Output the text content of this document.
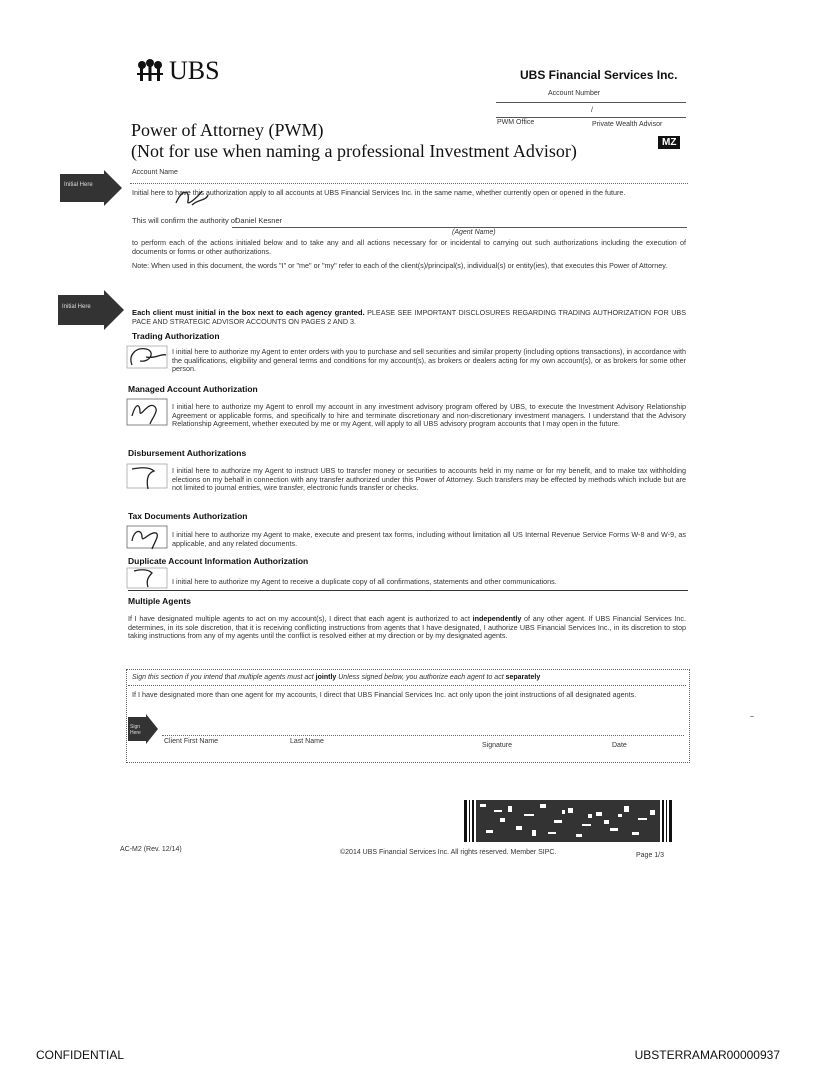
UBS	UBS Financial Services Inc.
Account Number
/
PWM Office	Private Wealth Advisor
MZ
Power of Attorney (PWM)
(Not for use when naming a professional Investment Advisor)
Account Name
Initial Here
Initial here to have this authorization apply to all accounts at UBS Financial Services Inc. in the same name, whether currently open or opened in the future.
This will confirm the authority of
Daniel Kesner
(Agent Name)
to perform each of the actions initialed below and to take any and all actions necessary for or incidental to carrying out such authorizations including the execution of documents or forms or other authorizations.
Note: When used in this document, the words "I" or "me" or "my" refer to each of the client(s)/principal(s), individual(s) or entity(ies), that executes this Power of Attorney.
Initial Here
Each client must initial in the box next to each agency granted. PLEASE SEE IMPORTANT DISCLOSURES REGARDING TRADING AUTHORIZATION FOR UBS PACE AND STRATEGIC ADVISOR ACCOUNTS ON PAGES 2 AND 3.
Trading Authorization
I initial here to authorize my Agent to enter orders with you to purchase and sell securities and similar property (including options transactions), in accordance with the qualifications, eligibility and general terms and conditions for my account(s), as brokers or dealers acting for my own account(s), or as brokers for some other person.
Managed Account Authorization
I initial here to authorize my Agent to enroll my account in any investment advisory program offered by UBS, to execute the Investment Advisory Relationship Agreement or applicable forms, and specifically to hire and terminate discretionary and non-discretionary investment managers. I understand that the Advisory Relationship Agreement, whether executed by me or my Agent, will apply to all UBS advisory program accounts that I may open in the future.
Disbursement Authorizations
I initial here to authorize my Agent to instruct UBS to transfer money or securities to accounts held in my name or for my benefit, and to make tax withholding elections on my behalf in connection with any transfer authorized under this Power of Attorney. Such transfers may be effected by methods which include but are not limited to journal entries, wire transfer, electronic funds transfer or checks.
Tax Documents Authorization
I initial here to authorize my Agent to make, execute and present tax forms, including without limitation all US Internal Revenue Service Forms W-8 and W-9, as applicable, and any related documents.
Duplicate Account Information Authorization
I initial here to authorize my Agent to receive a duplicate copy of all confirmations, statements and other communications.
Multiple Agents
If I have designated multiple agents to act on my account(s), I direct that each agent is authorized to act independently of any other agent. If UBS Financial Services Inc. determines, in its sole discretion, that it is receiving conflicting instructions from agents that I have designated, I authorize UBS Financial Services Inc., in its discretion to stop taking instructions from any of my agents until the conflict is resolved either at my direction or by my designated agents.
Sign this section if you intend that multiple agents must act jointly Unless signed below, you authorize each agent to act separately
If I have designated more than one agent for my accounts, I direct that UBS Financial Services Inc. act only upon the joint instructions of all designated agents.
Sign Here
Client First Name	Last Name
Signature	Date
AC-M2 (Rev. 12/14)	©2014 UBS Financial Services Inc. All rights reserved. Member SIPC.	Page 1/3
CONFIDENTIAL	UBSTERRAMAR00000937
